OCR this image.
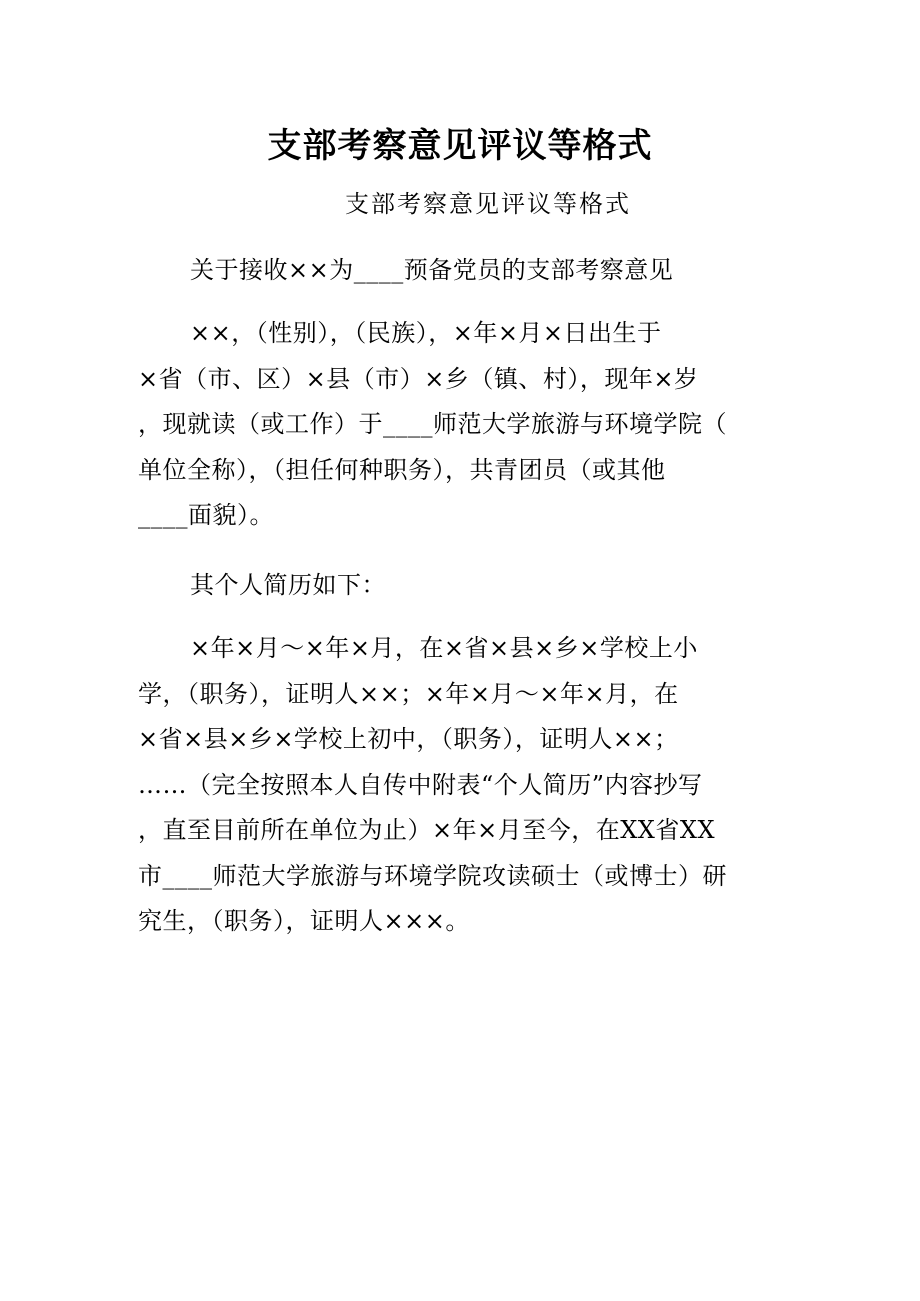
支部考察意见评议等格式
支部考察意见评议等格式

关于接收××为____预备党员的支部考察意见

××，（性别），（民族），×年×月×日出生于
×省（市、区）×县（市）×乡（镇、村），现年×岁
，现就读（或工作）于____师范大学旅游与环境学院（
单位全称），（担任何种职务），共青团员（或其他
____面貌）。

其个人简历如下：

×年×月～×年×月，在×省×县×乡×学校上小
学，（职务），证明人××；×年×月～×年×月，在
×省×县×乡×学校上初中，（职务），证明人××；
……（完全按照本人自传中附表“个人简历”内容抄写
，直至目前所在单位为止）×年×月至今，在XX省XX
市____师范大学旅游与环境学院攻读硕士（或博士）研
究生，（职务），证明人×××。
